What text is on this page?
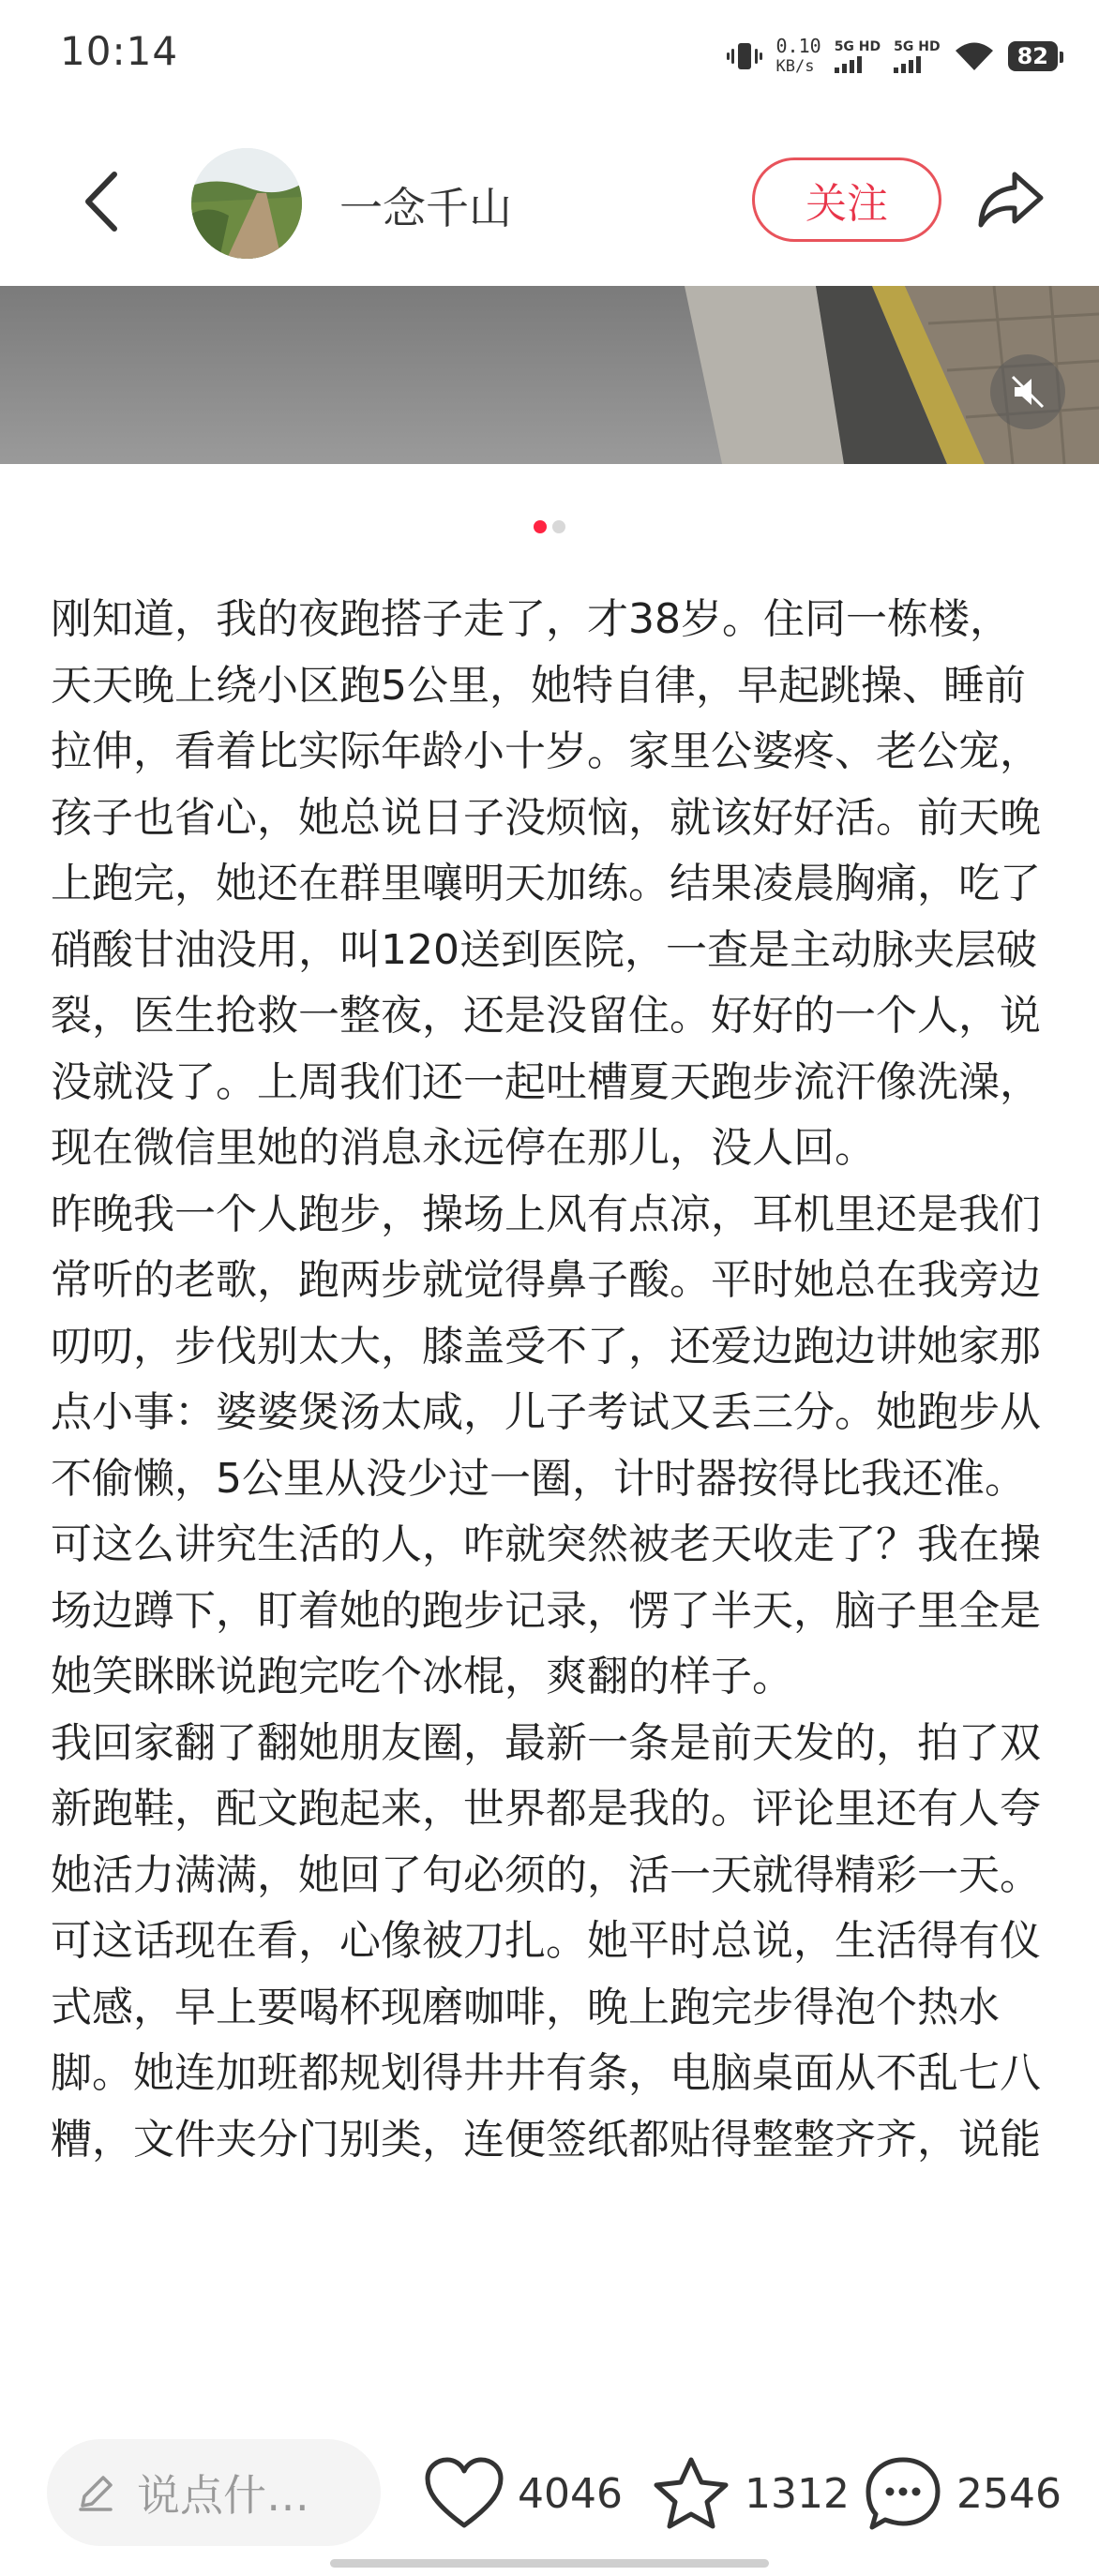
10:14	0.10
KB/s
5G HD 5G HD	82
一念千山	关注

刚知道，我的夜跑搭子走了，才38岁。住同一栋楼，天天晚上绕小区跑5公里，她特自律，早起跳操、睡前拉伸，看着比实际年龄小十岁。家里公婆疼、老公宠，孩子也省心，她总说日子没烦恼，就该好好活。前天晚上跑完，她还在群里嚷明天加练。结果凌晨胸痛，吃了硝酸甘油没用，叫120送到医院，一查是主动脉夹层破裂，医生抢救一整夜，还是没留住。好好的一个人，说没就没了。上周我们还一起吐槽夏天跑步流汗像洗澡，现在微信里她的消息永远停在那儿，没人回。

昨晚我一个人跑步，操场上风有点凉，耳机里还是我们常听的老歌，跑两步就觉得鼻子酸。平时她总在我旁边叨叨，步伐别太大，膝盖受不了，还爱边跑边讲她家那点小事：婆婆煲汤太咸，儿子考试又丢三分。她跑步从不偷懒，5公里从没少过一圈，计时器按得比我还准。可这么讲究生活的人，咋就突然被老天收走了？我在操场边蹲下，盯着她的跑步记录，愣了半天，脑子里全是她笑眯眯说跑完吃个冰棍，爽翻的样子。

我回家翻了翻她朋友圈，最新一条是前天发的，拍了双新跑鞋，配文跑起来，世界都是我的。评论里还有人夸她活力满满，她回了句必须的，活一天就得精彩一天。可这话现在看，心像被刀扎。她平时总说，生活得有仪式感，早上要喝杯现磨咖啡，晚上跑完步得泡个热水脚。她连加班都规划得井井有条，电脑桌面从不乱七八糟，文件夹分门别类，连便签纸都贴得整整齐齐，说能

说点什…	4046	1312	2546
